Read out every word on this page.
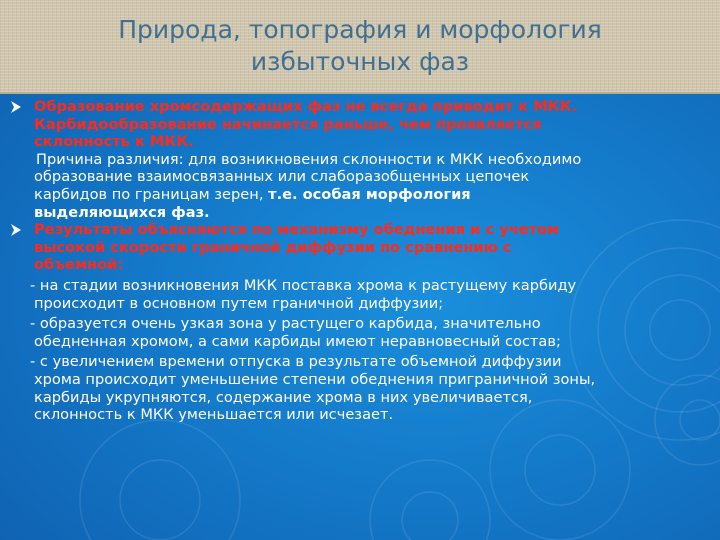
Природа, топография и морфология
избыточных фаз
Образование хромсодержащих фаз не всегда приводит к МКК.
Карбидообразование начинается раньше, чем проявляется
склонность к МКК.
Причина различия: для возникновения склонности к МКК необходимо
образование взаимосвязанных или слаборазобщенных цепочек
карбидов по границам зерен, т.е. особая морфология
выделяющихся фаз.
Результаты объясняются по механизму обеднения и с учетом
высокой скорости граничной диффузии по сравнению с
объемной:
- на стадии возникновения МКК поставка хрома к растущему карбиду
происходит в основном путем граничной диффузии;
- образуется очень узкая зона у растущего карбида, значительно
обедненная хромом, а сами карбиды имеют неравновесный состав;
- с увеличением времени отпуска в результате объемной диффузии
хрома происходит уменьшение степени обеднения приграничной зоны,
карбиды укрупняются, содержание хрома в них увеличивается,
склонность к МКК уменьшается или исчезает.
